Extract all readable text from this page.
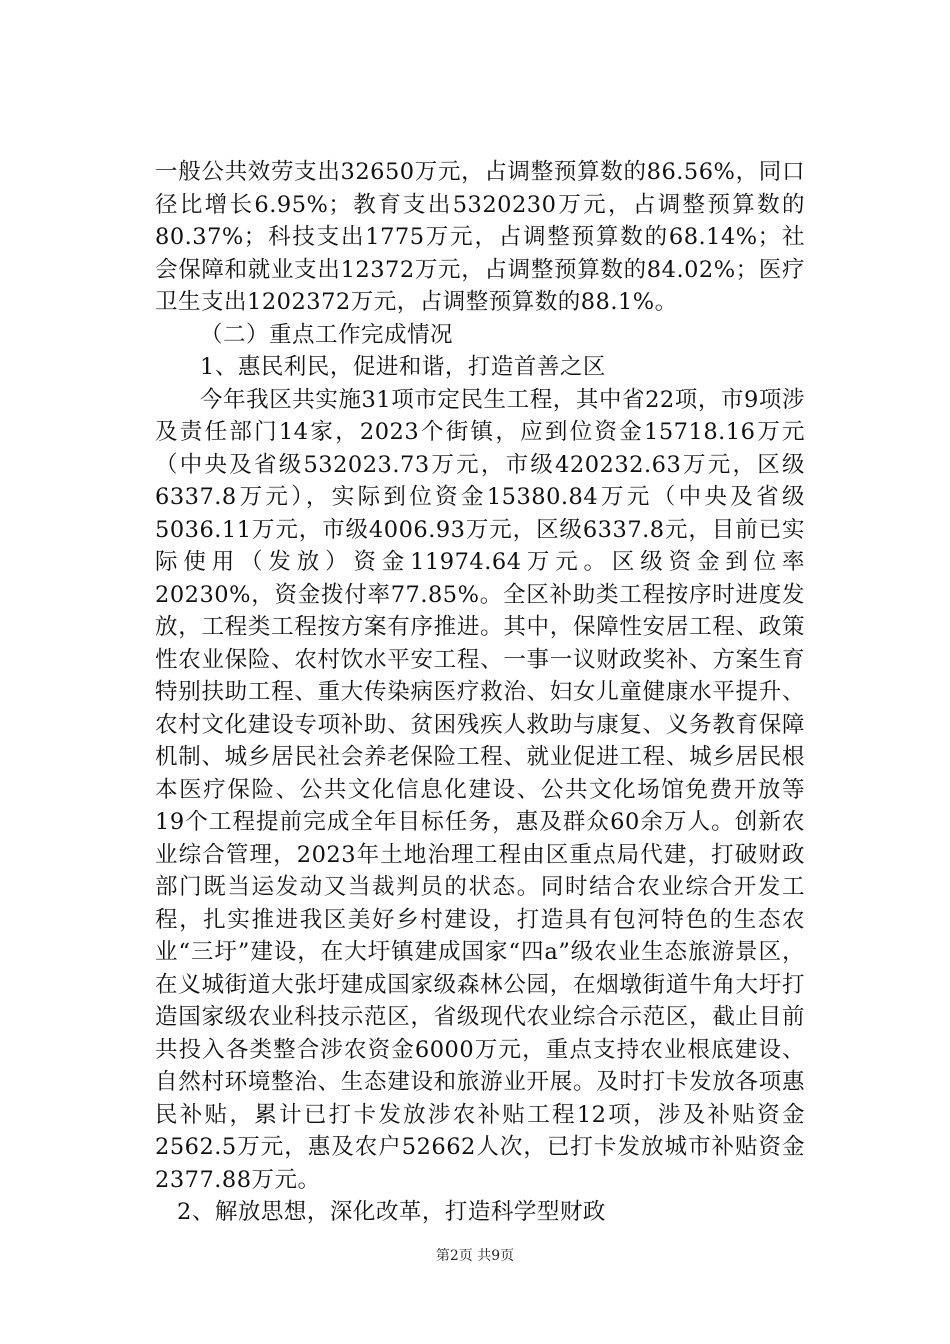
一般公共效劳支出32650万元，占调整预算数的86.56%，同口径比增长6.95%；教育支出5320230万元，占调整预算数的80.37%；科技支出1775万元，占调整预算数的68.14%；社会保障和就业支出12372万元，占调整预算数的84.02%；医疗卫生支出1202372万元，占调整预算数的88.1%。

（二）重点工作完成情况

1、惠民利民，促进和谐，打造首善之区

今年我区共实施31项市定民生工程，其中省22项，市9项涉及责任部门14家，2023个街镇，应到位资金15718.16万元（中央及省级532023.73万元，市级420232.63万元，区级6337.8万元），实际到位资金15380.84万元（中央及省级5036.11万元，市级4006.93万元，区级6337.8元，目前已实际使用（发放）资金11974.64万元。区级资金到位率20230%，资金拨付率77.85%。全区补助类工程按序时进度发放，工程类工程按方案有序推进。其中，保障性安居工程、政策性农业保险、农村饮水平安工程、一事一议财政奖补、方案生育特别扶助工程、重大传染病医疗救治、妇女儿童健康水平提升、农村文化建设专项补助、贫困残疾人救助与康复、义务教育保障机制、城乡居民社会养老保险工程、就业促进工程、城乡居民根本医疗保险、公共文化信息化建设、公共文化场馆免费开放等19个工程提前完成全年目标任务，惠及群众60余万人。创新农业综合管理，2023年土地治理工程由区重点局代建，打破财政部门既当运发动又当裁判员的状态。同时结合农业综合开发工程，扎实推进我区美好乡村建设，打造具有包河特色的生态农业“三圩”建设，在大圩镇建成国家“四a”级农业生态旅游景区，在义城街道大张圩建成国家级森林公园，在烟墩街道牛角大圩打造国家级农业科技示范区，省级现代农业综合示范区，截止目前共投入各类整合涉农资金6000万元，重点支持农业根底建设、自然村环境整治、生态建设和旅游业开展。及时打卡发放各项惠民补贴，累计已打卡发放涉农补贴工程12项，涉及补贴资金2562.5万元，惠及农户52662人次，已打卡发放城市补贴资金2377.88万元。

2、解放思想，深化改革，打造科学型财政

第2页 共9页
